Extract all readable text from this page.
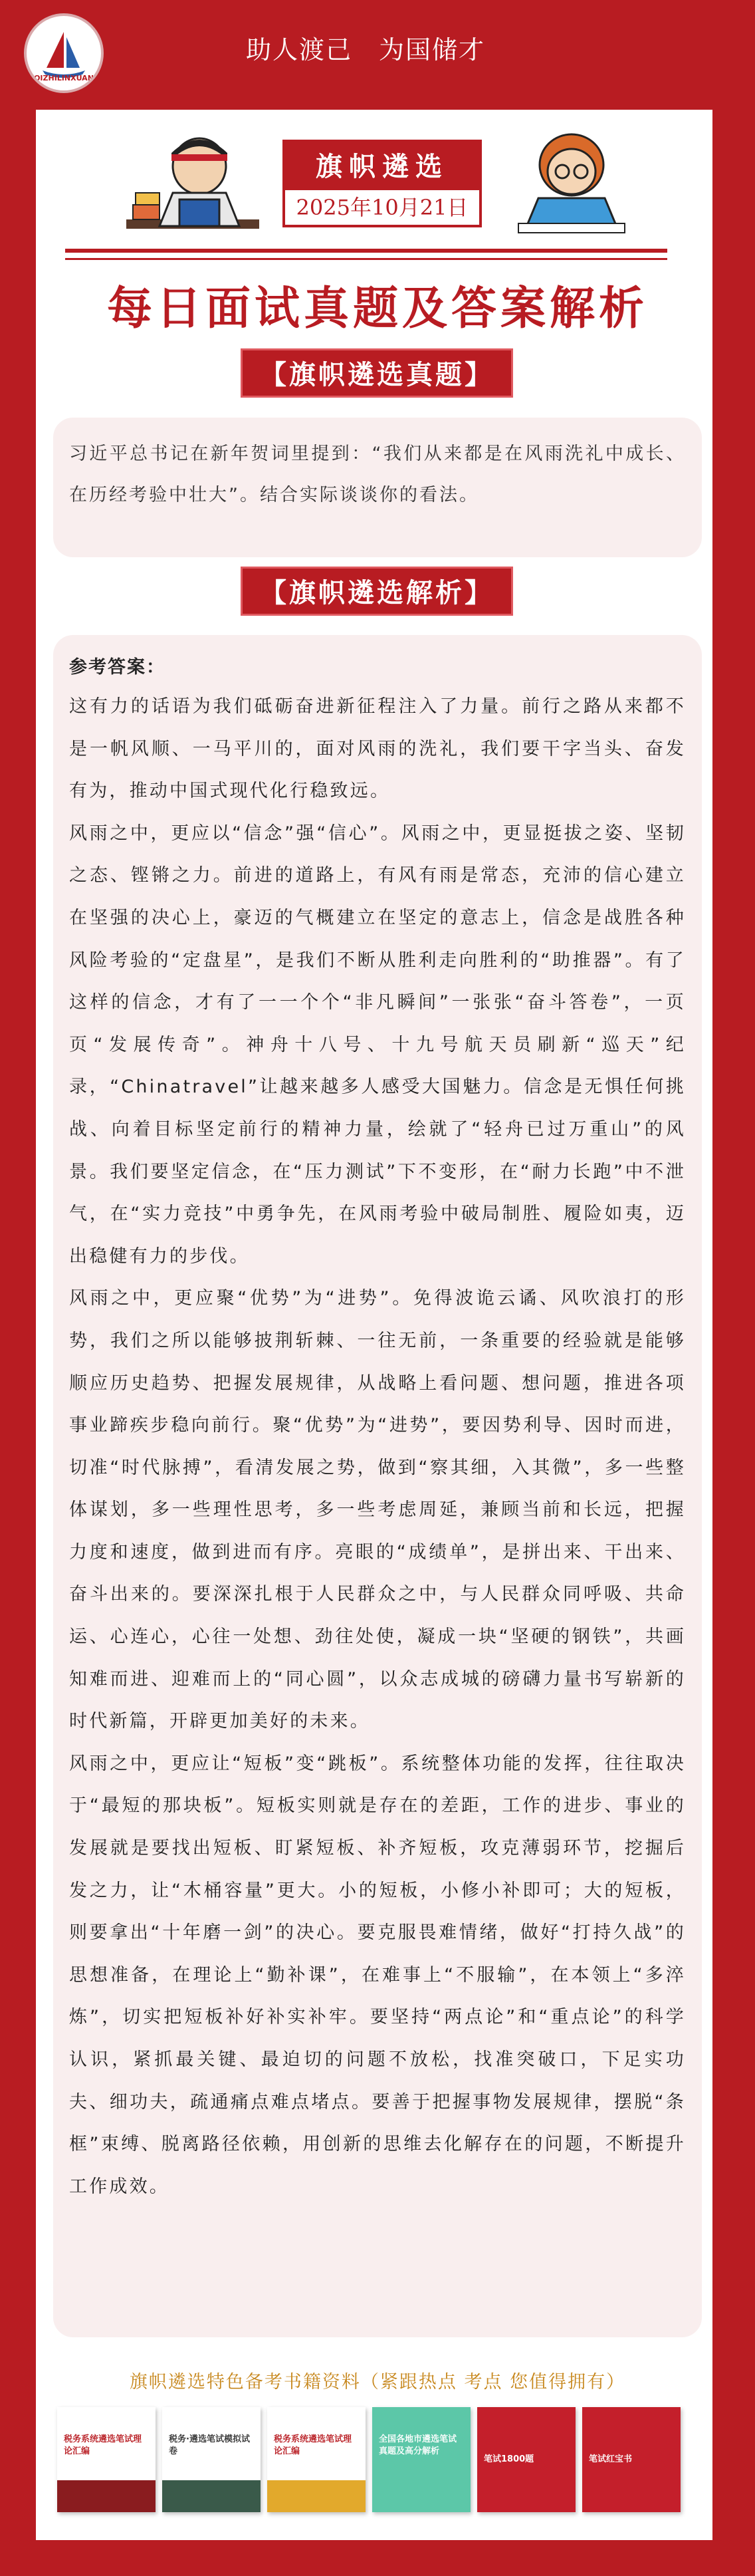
QIZHILINXUAN
助人渡己　为国储才
旗帜遴选
2025年10月21日
每日面试真题及答案解析
【旗帜遴选真题】

习近平总书记在新年贺词里提到：“我们从来都是在风雨洗礼中成长、在历经考验中壮大”。结合实际谈谈你的看法。

【旗帜遴选解析】

参考答案：

这有力的话语为我们砥砺奋进新征程注入了力量。前行之路从来都不是一帆风顺、一马平川的，面对风雨的洗礼，我们要干字当头、奋发有为，推动中国式现代化行稳致远。

风雨之中，更应以“信念”强“信心”。风雨之中，更显挺拔之姿、坚韧之态、铿锵之力。前进的道路上，有风有雨是常态，充沛的信心建立在坚强的决心上，豪迈的气概建立在坚定的意志上，信念是战胜各种风险考验的“定盘星”，是我们不断从胜利走向胜利的“助推器”。有了这样的信念，才有了一一个个“非凡瞬间”一张张“奋斗答卷”，一页页“发展传奇”。神舟十八号、十九号航天员刷新“巡天”纪录，“Chinatravel”让越来越多人感受大国魅力。信念是无惧任何挑战、向着目标坚定前行的精神力量，绘就了“轻舟已过万重山”的风景。我们要坚定信念，在“压力测试”下不变形，在“耐力长跑”中不泄气，在“实力竞技”中勇争先，在风雨考验中破局制胜、履险如夷，迈出稳健有力的步伐。

风雨之中，更应聚“优势”为“进势”。免得波诡云谲、风吹浪打的形势，我们之所以能够披荆斩棘、一往无前，一条重要的经验就是能够顺应历史趋势、把握发展规律，从战略上看问题、想问题，推进各项事业蹄疾步稳向前行。聚“优势”为“进势”，要因势利导、因时而进，切准“时代脉搏”，看清发展之势，做到“察其细，入其微”，多一些整体谋划，多一些理性思考，多一些考虑周延，兼顾当前和长远，把握力度和速度，做到进而有序。亮眼的“成绩单”，是拼出来、干出来、奋斗出来的。要深深扎根于人民群众之中，与人民群众同呼吸、共命运、心连心，心往一处想、劲往处使，凝成一块“坚硬的钢铁”，共画知难而进、迎难而上的“同心圆”，以众志成城的磅礴力量书写崭新的时代新篇，开辟更加美好的未来。

风雨之中，更应让“短板”变“跳板”。系统整体功能的发挥，往往取决于“最短的那块板”。短板实则就是存在的差距，工作的进步、事业的发展就是要找出短板、盯紧短板、补齐短板，攻克薄弱环节，挖掘后发之力，让“木桶容量”更大。小的短板，小修小补即可；大的短板，则要拿出“十年磨一剑”的决心。要克服畏难情绪，做好“打持久战”的思想准备，在理论上“勤补课”，在难事上“不服输”，在本领上“多淬炼”，切实把短板补好补实补牢。要坚持“两点论”和“重点论”的科学认识，紧抓最关键、最迫切的问题不放松，找准突破口，下足实功夫、细功夫，疏通痛点难点堵点。要善于把握事物发展规律，摆脱“条框”束缚、脱离路径依赖，用创新的思维去化解存在的问题，不断提升工作成效。

旗帜遴选特色备考书籍资料（紧跟热点 考点 您值得拥有）
税务系统遴选笔试理论汇编
税务·遴选笔试模拟试卷
税务系统遴选笔试理论汇编
全国各地市遴选笔试真题及高分解析
笔试1800题	笔试红宝书
